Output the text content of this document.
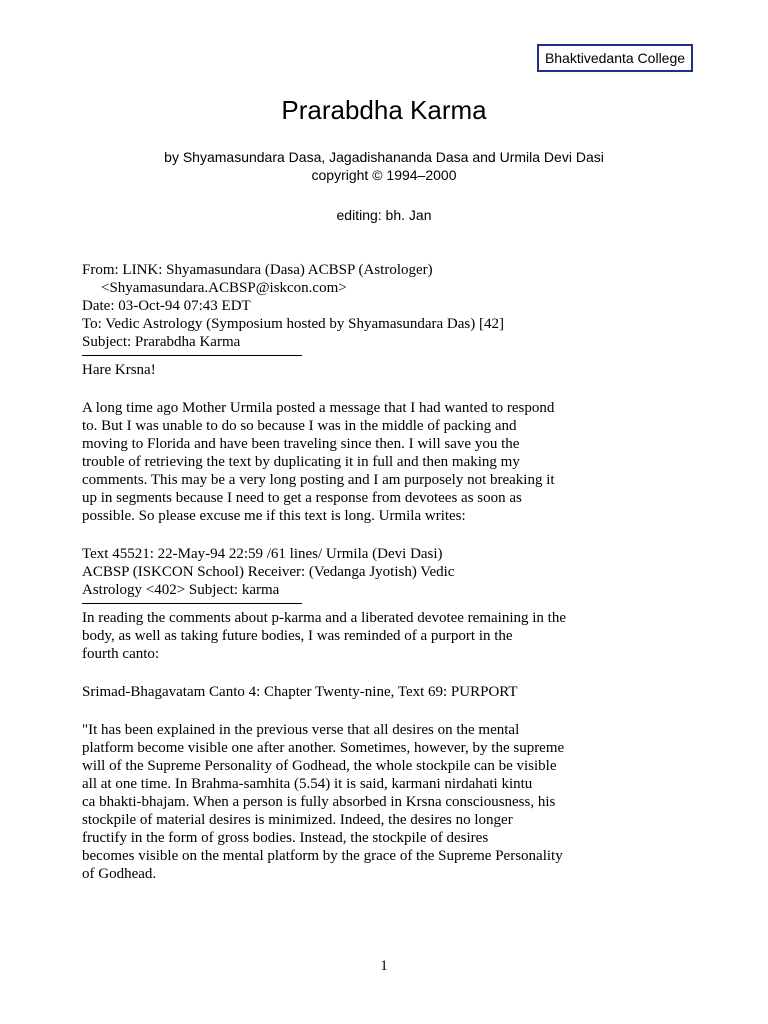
Bhaktivedanta College
Prarabdha Karma
by Shyamasundara Dasa, Jagadishananda Dasa and Urmila Devi Dasi
copyright © 1994–2000
editing: bh. Jan
From: LINK: Shyamasundara (Dasa) ACBSP (Astrologer)
<Shyamasundara.ACBSP@iskcon.com>
Date: 03-Oct-94 07:43 EDT
To: Vedic Astrology (Symposium hosted by Shyamasundara Das) [42]
Subject: Prarabdha Karma
Hare Krsna!
A long time ago Mother Urmila posted a message that I had wanted to respond
to. But I was unable to do so because I was in the middle of packing and
moving to Florida and have been traveling since then. I will save you the
trouble of retrieving the text by duplicating it in full and then making my
comments. This may be a very long posting and I am purposely not breaking it
up in segments because I need to get a response from devotees as soon as
possible. So please excuse me if this text is long. Urmila writes:
Text 45521: 22-May-94 22:59 /61 lines/ Urmila (Devi Dasi)
ACBSP (ISKCON School) Receiver: (Vedanga Jyotish) Vedic
Astrology <402> Subject: karma
In reading the comments about p-karma and a liberated devotee remaining in the
body, as well as taking future bodies, I was reminded of a purport in the
fourth canto:
Srimad-Bhagavatam Canto 4: Chapter Twenty-nine, Text 69: PURPORT
"It has been explained in the previous verse that all desires on the mental
platform become visible one after another. Sometimes, however, by the supreme
will of the Supreme Personality of Godhead, the whole stockpile can be visible
all at one time. In Brahma-samhita (5.54) it is said, karmani nirdahati kintu
ca bhakti-bhajam. When a person is fully absorbed in Krsna consciousness, his
stockpile of material desires is minimized. Indeed, the desires no longer
fructify in the form of gross bodies. Instead, the stockpile of desires
becomes visible on the mental platform by the grace of the Supreme Personality
of Godhead.
1
